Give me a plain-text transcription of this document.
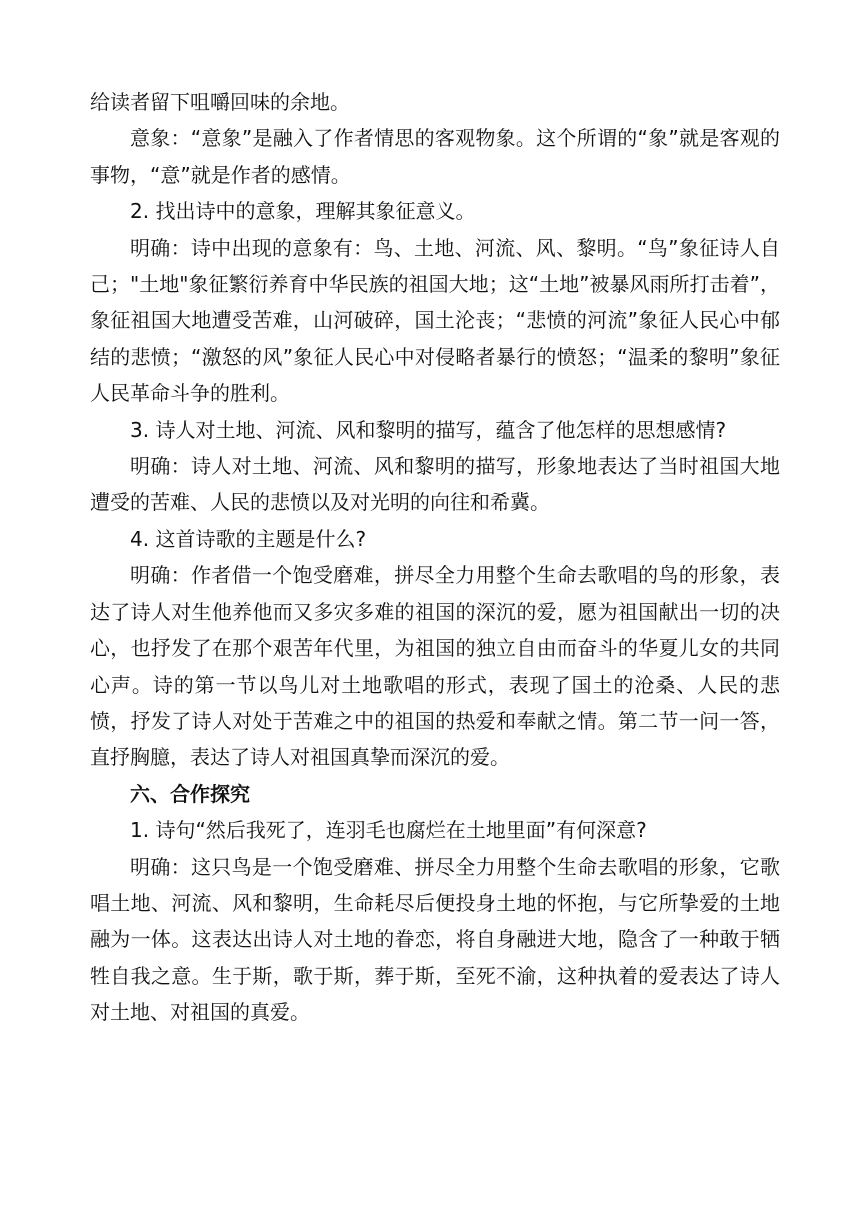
给读者留下咀嚼回味的余地。

意象：“意象”是融入了作者情思的客观物象。这个所谓的“象”就是客观的事物，“意”就是作者的感情。

2. 找出诗中的意象，理解其象征意义。

明确：诗中出现的意象有：鸟、土地、河流、风、黎明。“鸟”象征诗人自己；"土地"象征繁衍养育中华民族的祖国大地；这“土地”被暴风雨所打击着”，象征祖国大地遭受苦难，山河破碎，国土沦丧；“悲愤的河流”象征人民心中郁结的悲愤；“激怒的风”象征人民心中对侵略者暴行的愤怒；“温柔的黎明”象征人民革命斗争的胜利。

3. 诗人对土地、河流、风和黎明的描写，蕴含了他怎样的思想感情?

明确：诗人对土地、河流、风和黎明的描写，形象地表达了当时祖国大地遭受的苦难、人民的悲愤以及对光明的向往和希冀。

4. 这首诗歌的主题是什么?

明确：作者借一个饱受磨难，拼尽全力用整个生命去歌唱的鸟的形象，表达了诗人对生他养他而又多灾多难的祖国的深沉的爱，愿为祖国献出一切的决心，也抒发了在那个艰苦年代里，为祖国的独立自由而奋斗的华夏儿女的共同心声。诗的第一节以鸟儿对土地歌唱的形式，表现了国土的沧桑、人民的悲愤，抒发了诗人对处于苦难之中的祖国的热爱和奉献之情。第二节一问一答，直抒胸臆，表达了诗人对祖国真挚而深沉的爱。

六、合作探究

1. 诗句“然后我死了，连羽毛也腐烂在土地里面”有何深意?

明确：这只鸟是一个饱受磨难、拼尽全力用整个生命去歌唱的形象，它歌唱土地、河流、风和黎明，生命耗尽后便投身土地的怀抱，与它所挚爱的土地融为一体。这表达出诗人对土地的眷恋，将自身融进大地，隐含了一种敢于牺牲自我之意。生于斯，歌于斯，葬于斯，至死不渝，这种执着的爱表达了诗人对土地、对祖国的真爱。
